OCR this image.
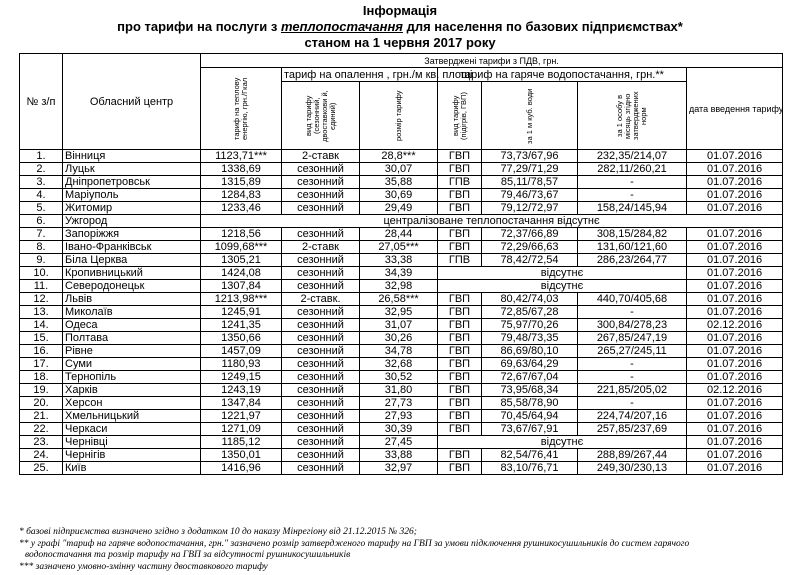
Інформація
про тарифи на послуги з теплопостачання для населення по базових підприємствах*
станом на 1 червня 2017 року
№ з/п	Обласний центр	Затверджені тарифи з ПДВ, грн.						

		тариф на теплову енергію, грн./Гкал	тариф на опалення , грн./м кв. площі		тариф на гаряче водопостачання, грн.**			дата введення тарифу

			вид тарифу (сезонний, двоставкови й, єдиний)	розмір тарифу	вид тарифу (підігрів, ГВП)	за 1 м куб. води	за 1 особу в місяць згідно затверджених норм	

1.	Вінниця	1123,71***	2-ставк	28,8***	ГВП	73,73/67,96	232,35/214,07	01.07.2016
2.	Луцьк	1338,69	сезонний	30,07	ГВП	77,29/71,29	282,11/260,21	01.07.2016
3.	Дніпропетровськ	1315,89	сезонний	35,88	ГПВ	85,11/78,57	-	01.07.2016
4.	Маріуполь	1284,83	сезонний	30,69	ГВП	79,46/73,67	-	01.07.2016
5.	Житомир	1233,46	сезонний	29,49	ГВП	79,12/72,97	158,24/145,94	01.07.2016
6.	Ужгород	централізоване теплопостачання відсутнє						
7.	Запоріжжя	1218,56	сезонний	28,44	ГВП	72,37/66,89	308,15/284,82	01.07.2016
8.	Івано-Франківськ	1099,68***	2-ставк	27,05***	ГВП	72,29/66,63	131,60/121,60	01.07.2016
9.	Біла Церква	1305,21	сезонний	33,38	ГПВ	78,42/72,54	286,23/264,77	01.07.2016
10.	Кропивницький	1424,08	сезонний	34,39	відсутнє			01.07.2016
11.	Северодонецьк	1307,84	сезонний	32,98	відсутнє			01.07.2016
12.	Львів	1213,98***	2-ставк.	26,58***	ГВП	80,42/74,03	440,70/405,68	01.07.2016
13.	Миколаїв	1245,91	сезонний	32,95	ГВП	72,85/67,28	-	01.07.2016
14.	Одеса	1241,35	сезонний	31,07	ГВП	75,97/70,26	300,84/278,23	02.12.2016
15.	Полтава	1350,66	сезонний	30,26	ГВП	79,48/73,35	267,85/247,19	01.07.2016
16.	Рівне	1457,09	сезонний	34,78	ГВП	86,69/80,10	265,27/245,11	01.07.2016
17.	Суми	1180,93	сезонний	32,68	ГВП	69,63/64,29	-	01.07.2016
18.	Тернопіль	1249,15	сезонний	30,52	ГВП	72,67/67,04	-	01.07.2016
19.	Харків	1243,19	сезонний	31,80	ГВП	73,95/68,34	221,85/205,02	02.12.2016
20.	Херсон	1347,84	сезонний	27,73	ГВП	85,58/78,90	-	01.07.2016
21.	Хмельницький	1221,97	сезонний	27,93	ГВП	70,45/64,94	224,74/207,16	01.07.2016
22.	Черкаси	1271,09	сезонний	30,39	ГВП	73,67/67,91	257,85/237,69	01.07.2016
23.	Чернівці	1185,12	сезонний	27,45	відсутнє			01.07.2016
24.	Чернігів	1350,01	сезонний	33,88	ГВП	82,54/76,41	288,89/267,44	01.07.2016
25.	Київ	1416,96	сезонний	32,97	ГВП	83,10/76,71	249,30/230,13	01.07.2016
* базові підприємства визначено згідно з додатком 10 до наказу Мінрегіону від 21.12.2015 № 326;
** у графі "тариф на гаряче водопостачання, грн." зазначено розмір затвердженого тарифу на ГВП за умови підключення рушникосушильників до систем гарячого
водопостачання та розмір тарифу на ГВП за відсутності рушникосушильників
*** зазначено умовно-змінну частину двоставкового тарифу
